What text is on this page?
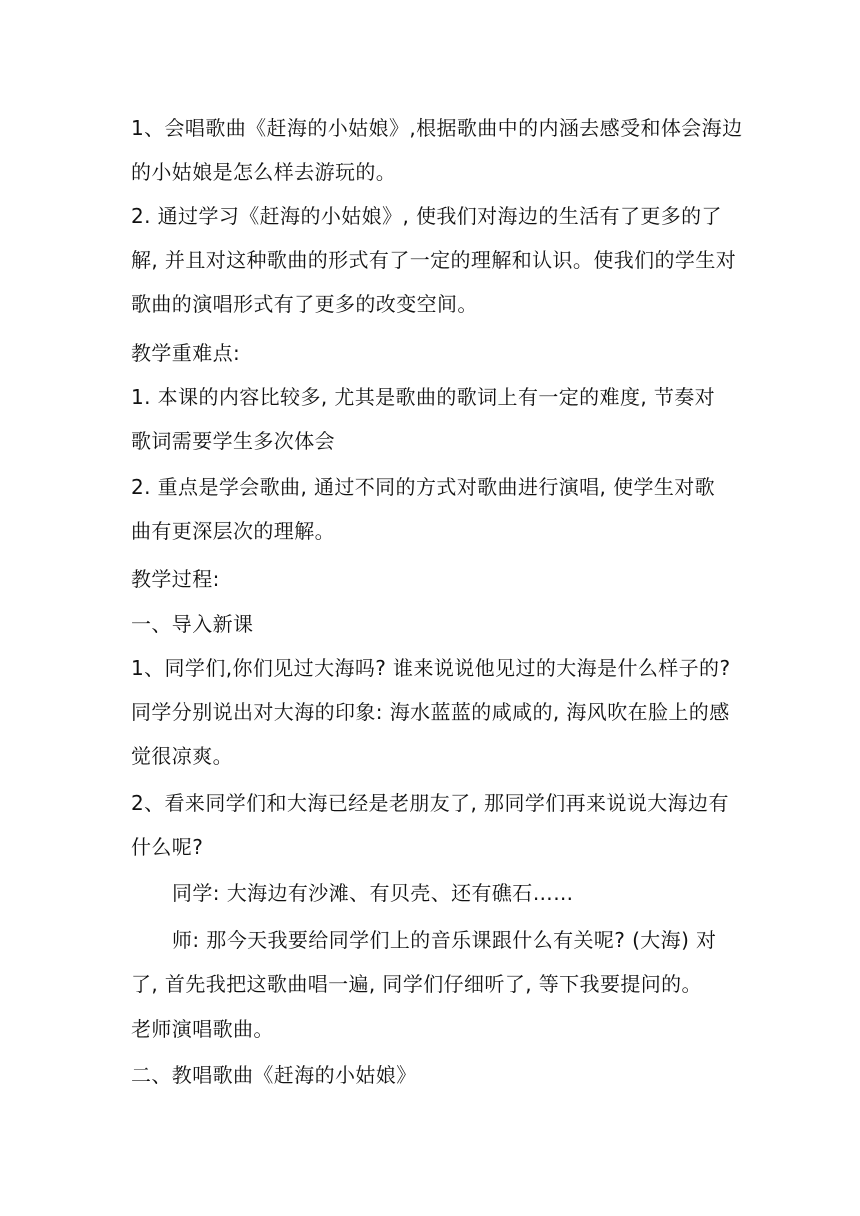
1、会唱歌曲《赶海的小姑娘》,根据歌曲中的内涵去感受和体会海边
的小姑娘是怎么样去游玩的。
2. 通过学习《赶海的小姑娘》, 使我们对海边的生活有了更多的了
解, 并且对这种歌曲的形式有了一定的理解和认识。使我们的学生对
歌曲的演唱形式有了更多的改变空间。
教学重难点:
1. 本课的内容比较多, 尤其是歌曲的歌词上有一定的难度, 节奏对
歌词需要学生多次体会
2. 重点是学会歌曲, 通过不同的方式对歌曲进行演唱, 使学生对歌
曲有更深层次的理解。
教学过程:
一、导入新课
1、同学们,你们见过大海吗? 谁来说说他见过的大海是什么样子的?
同学分别说出对大海的印象: 海水蓝蓝的咸咸的, 海风吹在脸上的感
觉很凉爽。
2、看来同学们和大海已经是老朋友了, 那同学们再来说说大海边有
什么呢?
同学: 大海边有沙滩、有贝壳、还有礁石……
师: 那今天我要给同学们上的音乐课跟什么有关呢? (大海) 对
了, 首先我把这歌曲唱一遍, 同学们仔细听了, 等下我要提问的。
老师演唱歌曲。
二、教唱歌曲《赶海的小姑娘》
